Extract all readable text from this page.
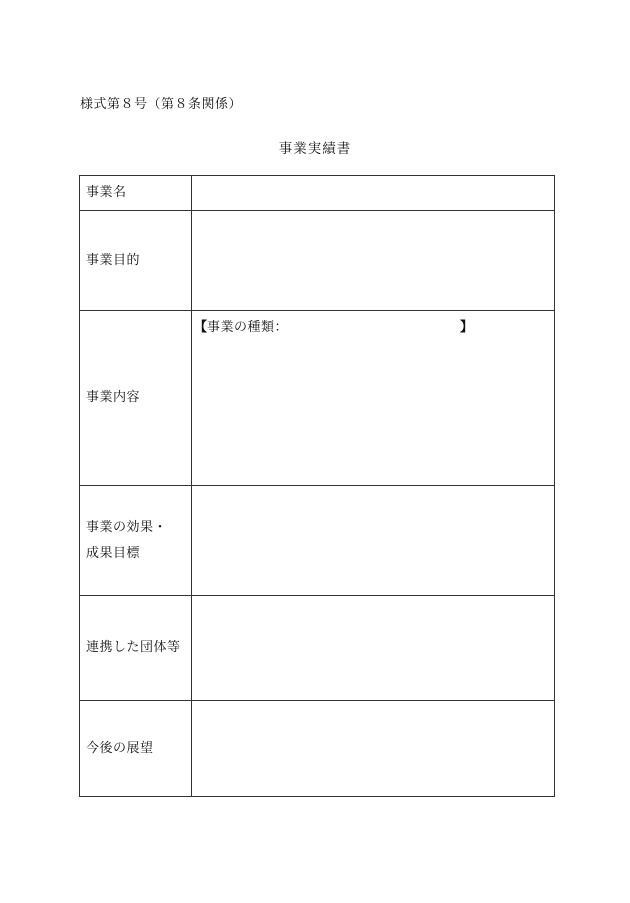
様式第８号（第８条関係）
事業実績書
事業名	
事業目的	
事業内容	【 事業の種類： 】

事業の効果・
成果目標	

連携した団体等	
今後の展望	
